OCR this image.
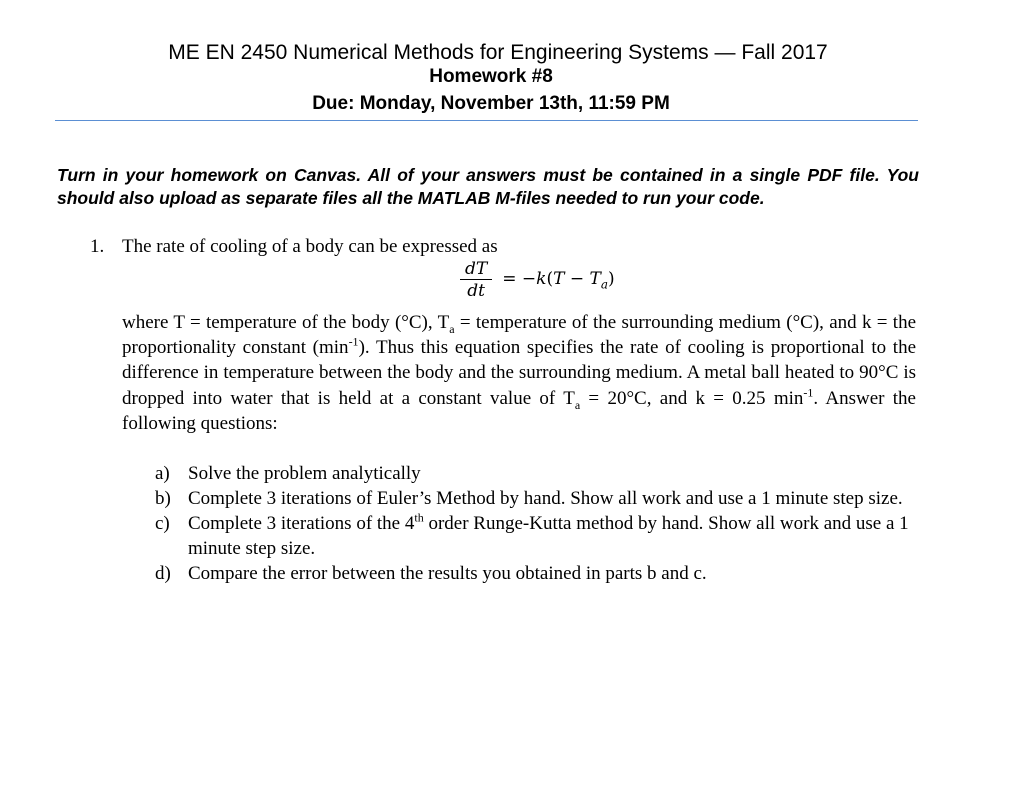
ME EN 2450 Numerical Methods for Engineering Systems — Fall 2017
Homework #8
Due: Monday, November 13th, 11:59 PM
Turn in your homework on Canvas. All of your answers must be contained in a single PDF file. You should also upload as separate files all the MATLAB M-files needed to run your code.
1. The rate of cooling of a body can be expressed as
$\frac{dT}{dt} = -k(T - T_a)$
where T = temperature of the body (°C), $T_a$ = temperature of the surrounding medium (°C), and k = the proportionality constant $(\min^{-1})$. Thus this equation specifies the rate of cooling is proportional to the difference in temperature between the body and the surrounding medium. A metal ball heated to 90°C is dropped into water that is held at a constant value of $T_a = 20^\circ C$, and k = 0.25 $\min^{-1}$. Answer the following questions:
a) Solve the problem analytically
b) Complete 3 iterations of Euler’s Method by hand. Show all work and use a 1 minute step size.
c) Complete 3 iterations of the 4th order Runge-Kutta method by hand. Show all work and use a 1 minute step size.
d) Compare the error between the results you obtained in parts b and c.
